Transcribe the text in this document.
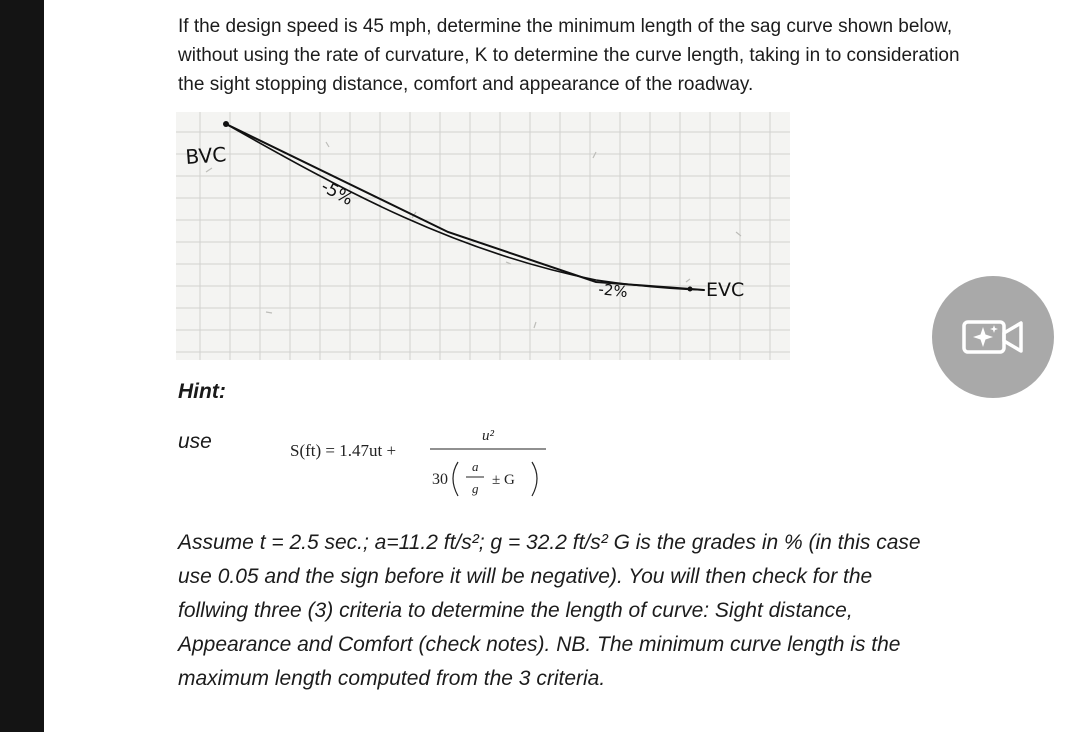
If the design speed is 45 mph, determine the minimum length of the sag curve shown below,
without using the rate of curvature, K to determine the curve length, taking in to consideration
the sight stopping distance, comfort and appearance of the roadway.
BVC
-5%
-2%	EVC
Hint:
use	S(ft) = 1.47ut +
u²
30
a
g
± G
Assume t = 2.5 sec.; a=11.2 ft/s²; g = 32.2 ft/s² G is the grades in % (in this case
use 0.05 and the sign before it will be negative). You will then check for the
follwing three (3) criteria to determine the length of curve: Sight distance,
Appearance and Comfort (check notes). NB. The minimum curve length is the
maximum length computed from the 3 criteria.
